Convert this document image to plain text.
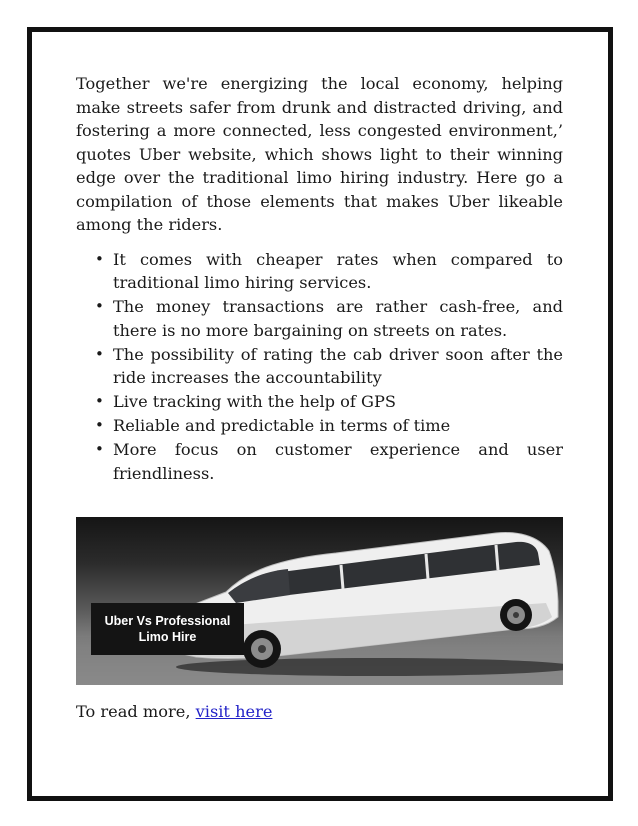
Together we're energizing the local economy, helping make streets safer from drunk and distracted driving, and fostering a more connected, less congested environment,’ quotes Uber website, which shows light to their winning edge over the traditional limo hiring industry. Here go a compilation of those elements that makes Uber likeable among the riders.

• It comes with cheaper rates when compared to traditional limo hiring services.
• The money transactions are rather cash-free, and there is no more bargaining on streets on rates.
• The possibility of rating the cab driver soon after the ride increases the accountability
• Live tracking with the help of GPS
• Reliable and predictable in terms of time
• More focus on customer experience and user friendliness.
Uber Vs Professional
Limo Hire
To read more, visit here
